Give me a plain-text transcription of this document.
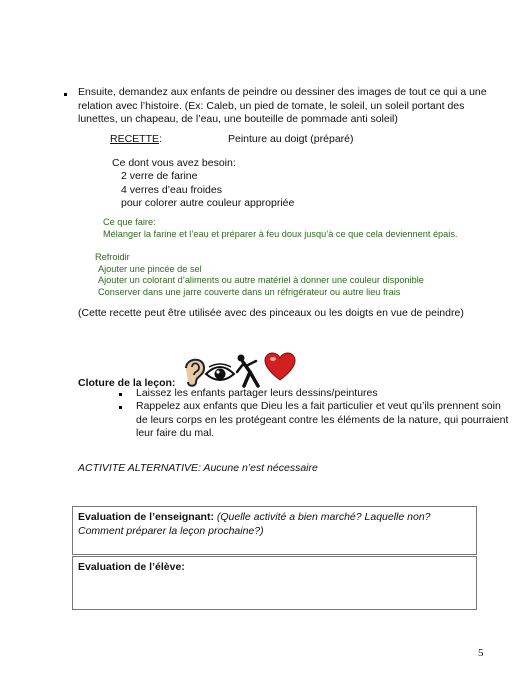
Ensuite, demandez aux enfants de peindre ou dessiner des images de tout ce qui a une
relation avec l’histoire. (Ex: Caleb, un pied de tomate, le soleil, un soleil portant des
lunettes, un chapeau, de l’eau, une bouteille de pommade anti soleil)
RECETTE:	Peinture au doigt (préparé)
Ce dont vous avez besoin:
2 verre de farine
4 verres d’eau froides
pour colorer autre couleur appropriée
Ce que faire:
Mélanger la farine et l’eau et préparer à feu doux jusqu’à ce que cela deviennent épais.
Refroidir
Ajouter une pincée de sel
Ajouter un colorant d’aliments ou autre matériel à donner une couleur disponible
Conserver dans une jarre couverte dans un réfrigérateur ou autre lieu frais
(Cette recette peut être utilisée avec des pinceaux ou les doigts en vue de peindre)
Cloture de la leçon:
Laissez les enfants partager leurs dessins/peintures
Rappelez aux enfants que Dieu les a fait particulier et veut qu’ils prennent soin
de leurs corps en les protégeant contre les éléments de la nature, qui pourraient
leur faire du mal.
ACTIVITE ALTERNATIVE: Aucune n’est nécessaire
Evaluation de l’enseignant: (Quelle activité a bien marché? Laquelle non?
Comment préparer la leçon prochaine?)
Evaluation de l’élève:
5
